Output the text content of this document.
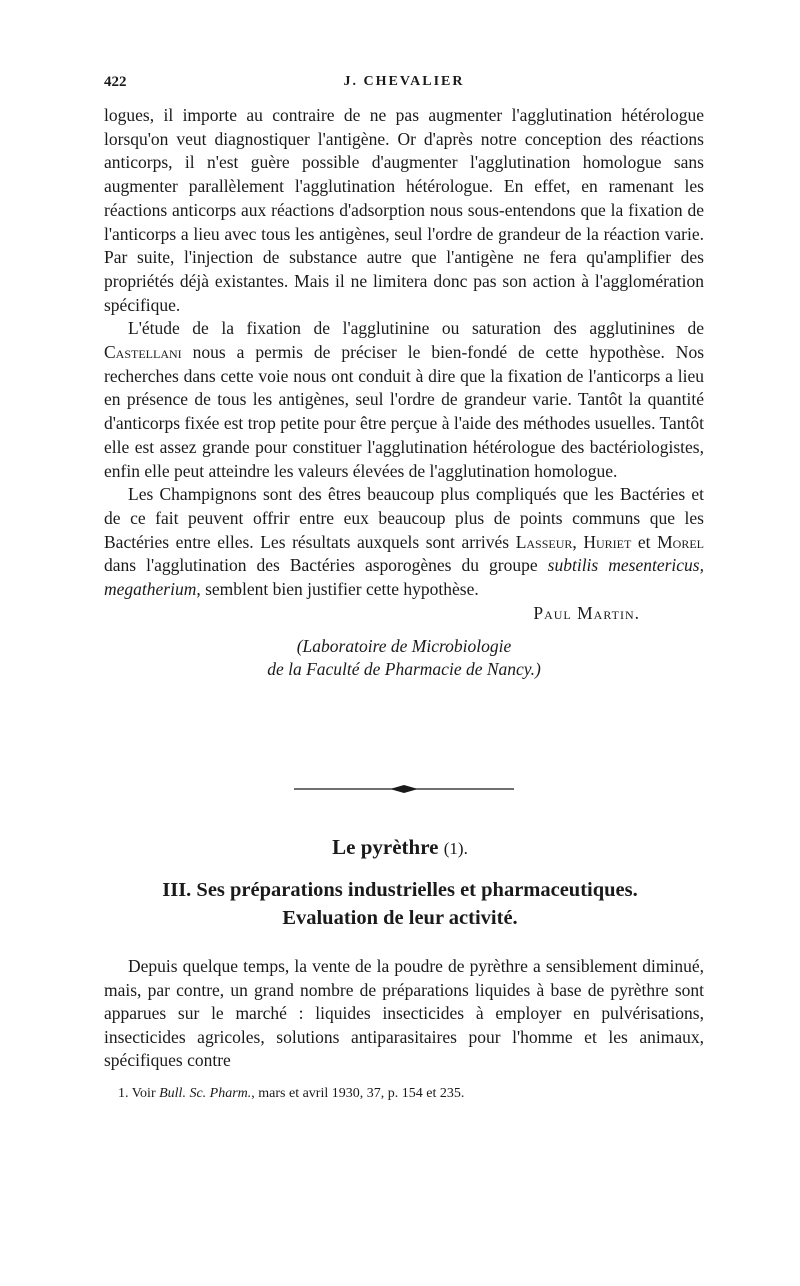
422	J. CHEVALIER

logues, il importe au contraire de ne pas augmenter l'agglutination hétérologue lorsqu'on veut diagnostiquer l'antigène. Or d'après notre conception des réactions anticorps, il n'est guère possible d'augmenter l'agglutination homologue sans augmenter parallèlement l'agglutination hétérologue. En effet, en ramenant les réactions anticorps aux réactions d'adsorption nous sous-entendons que la fixation de l'anticorps a lieu avec tous les antigènes, seul l'ordre de grandeur de la réaction varie. Par suite, l'injection de substance autre que l'antigène ne fera qu'amplifier des propriétés déjà existantes. Mais il ne limitera donc pas son action à l'agglomération spécifique.

L'étude de la fixation de l'agglutinine ou saturation des agglutinines de Castellani nous a permis de préciser le bien-fondé de cette hypothèse. Nos recherches dans cette voie nous ont conduit à dire que la fixation de l'anticorps a lieu en présence de tous les antigènes, seul l'ordre de grandeur varie. Tantôt la quantité d'anticorps fixée est trop petite pour être perçue à l'aide des méthodes usuelles. Tantôt elle est assez grande pour constituer l'agglutination hétérologue des bactériologistes, enfin elle peut atteindre les valeurs élevées de l'agglutination homologue.

Les Champignons sont des êtres beaucoup plus compliqués que les Bactéries et de ce fait peuvent offrir entre eux beaucoup plus de points communs que les Bactéries entre elles. Les résultats auxquels sont arrivés Lasseur, Huriet et Morel dans l'agglutination des Bactéries asporogènes du groupe subtilis mesentericus, megatherium, semblent bien justifier cette hypothèse.

Paul Martin.

(Laboratoire de Microbiologie
de la Faculté de Pharmacie de Nancy.)
Le pyrèthre (1).
III. Ses préparations industrielles et pharmaceutiques.
Evaluation de leur activité.

Depuis quelque temps, la vente de la poudre de pyrèthre a sensiblement diminué, mais, par contre, un grand nombre de préparations liquides à base de pyrèthre sont apparues sur le marché : liquides insecticides à employer en pulvérisations, insecticides agricoles, solutions antiparasitaires pour l'homme et les animaux, spécifiques contre

1. Voir Bull. Sc. Pharm., mars et avril 1930, 37, p. 154 et 235.
